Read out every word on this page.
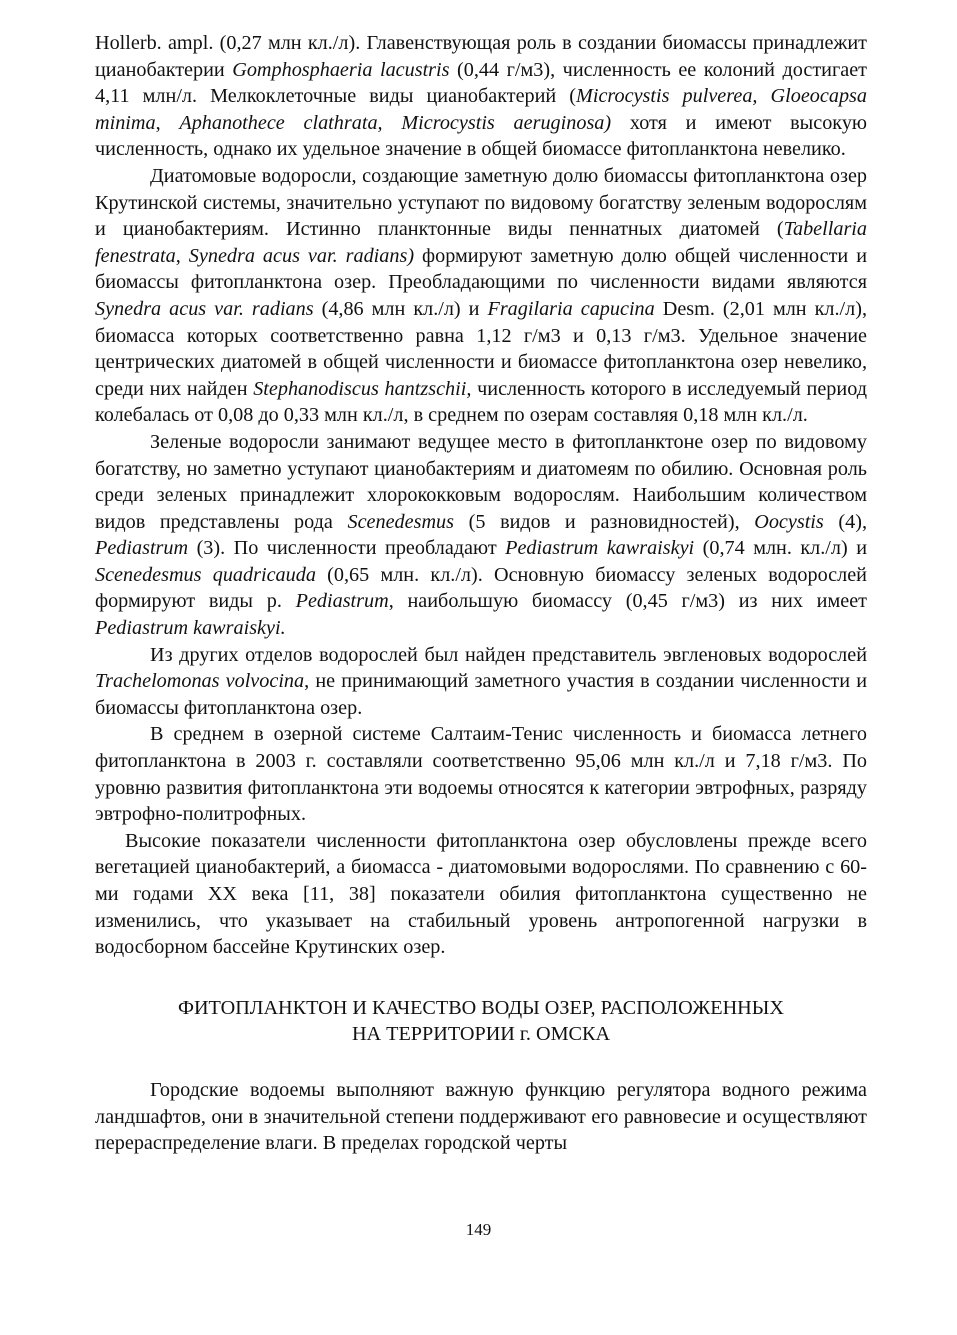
Hollerb. ampl. (0,27 млн кл./л). Главенствующая роль в создании биомассы принадлежит цианобактерии Gomphosphaeria lacustris (0,44 г/м3), численность ее колоний достигает 4,11 млн/л. Мелкоклеточные виды цианобактерий (Microcystis pulverea, Gloeocapsa minima, Aphanothece clathrata, Microcystis aeruginosa) хотя и имеют высокую численность, однако их удельное значение в общей биомассе фитопланктона невелико.

Диатомовые водоросли, создающие заметную долю биомассы фитопланктона озер Крутинской системы, значительно уступают по видовому богатству зеленым водорослям и цианобактериям. Истинно планктонные виды пеннатных диатомей (Tabellaria fenestrata, Synedra acus var. radians) формируют заметную долю общей численности и биомассы фитопланктона озер. Преобладающими по численности видами являются Synedra acus var. radians (4,86 млн кл./л) и Fragilaria capucina Desm. (2,01 млн кл./л), биомасса которых соответственно равна 1,12 г/м3 и 0,13 г/м3. Удельное значение центрических диатомей в общей численности и биомассе фитопланктона озер невелико, среди них найден Stephanodiscus hantzschii, численность которого в исследуемый период колебалась от 0,08 до 0,33 млн кл./л, в среднем по озерам составляя 0,18 млн кл./л.

Зеленые водоросли занимают ведущее место в фитопланктоне озер по видовому богатству, но заметно уступают цианобактериям и диатомеям по обилию. Основная роль среди зеленых принадлежит хлорококковым водорослям. Наибольшим количеством видов представлены рода Scenedesmus (5 видов и разновидностей), Oocystis (4), Pediastrum (3). По численности преобладают Pediastrum kawraiskyi (0,74 млн. кл./л) и Scenedesmus quadricauda (0,65 млн. кл./л). Основную биомассу зеленых водорослей формируют виды р. Pediastrum, наибольшую биомассу (0,45 г/м3) из них имеет Pediastrum kawraiskyi.

Из других отделов водорослей был найден представитель эвгленовых водорослей Trachelomonas volvocina, не принимающий заметного участия в создании численности и биомассы фитопланктона озер.

В среднем в озерной системе Салтаим-Тенис численность и биомасса летнего фитопланктона в 2003 г. составляли соответственно 95,06 млн кл./л и 7,18 г/м3. По уровню развития фитопланктона эти водоемы относятся к категории эвтрофных, разряду эвтрофно-политрофных.

Высокие показатели численности фитопланктона озер обусловлены прежде всего вегетацией цианобактерий, а биомасса - диатомовыми водорослями. По сравнению с 60-ми годами XX века [11, 38] показатели обилия фитопланктона существенно не изменились, что указывает на стабильный уровень антропогенной нагрузки в водосборном бассейне Крутинских озер.

ФИТОПЛАНКТОН И КАЧЕСТВО ВОДЫ ОЗЕР, РАСПОЛОЖЕННЫХ
НА ТЕРРИТОРИИ г. ОМСКА

Городские водоемы выполняют важную функцию регулятора водного режима ландшафтов, они в значительной степени поддерживают его равновесие и осуществляют перераспределение влаги. В пределах городской черты

149
